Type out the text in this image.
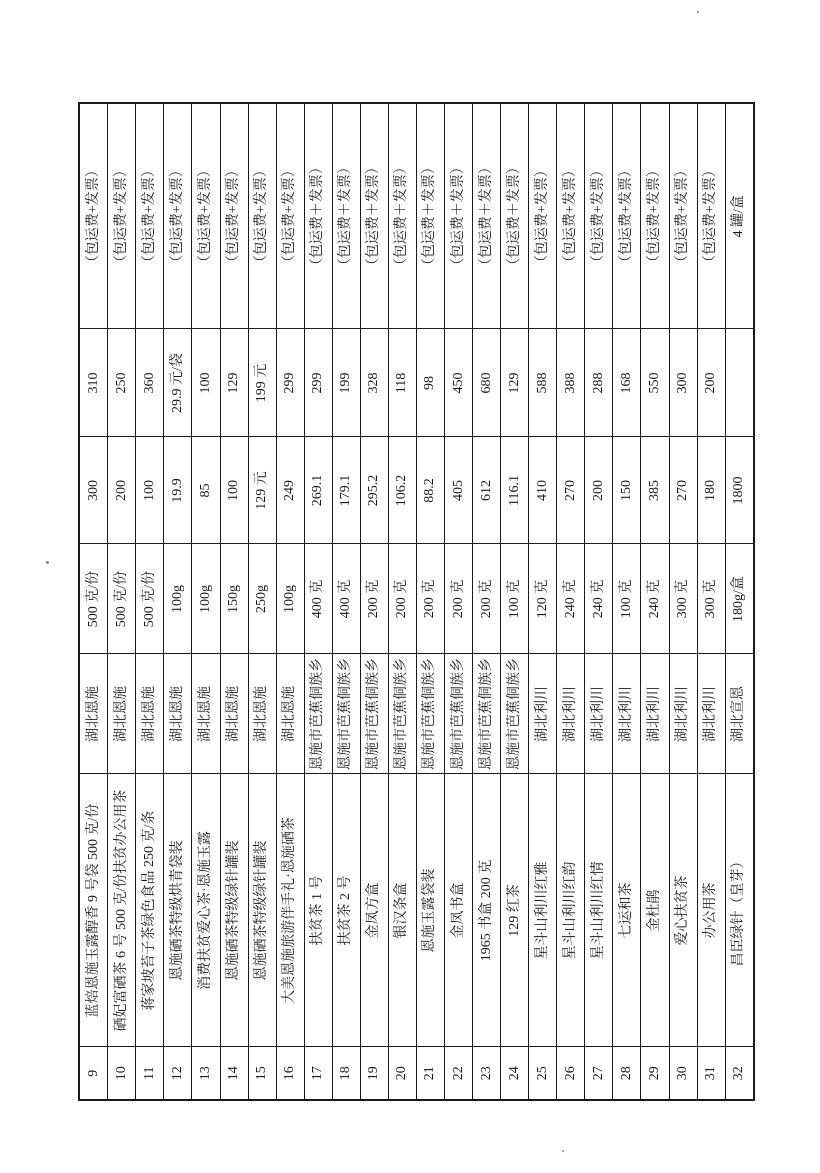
9	蓝焙恩施玉露醇香 9 号袋 500 克/份	湖北恩施	500 克/份	300	310	（包运费+发票）
10	硒妃富硒茶 6 号 500 克/份扶贫办公用茶	湖北恩施	500 克/份	200	250	（包运费+发票）
11	蒋家坡苔子茶绿色食品 250 克/条	湖北恩施	500 克/份	100	360	（包运费+发票）
12	恩施硒茶特级烘青袋装	湖北恩施	100g	19.9	29.9 元/袋	（包运费+发票）
13	消费扶贫爱心茶·恩施玉露	湖北恩施	100g	85	100	（包运费+发票）
14	恩施硒茶特级绿针罐装	湖北恩施	150g	100	129	（包运费+发票）
15	恩施硒茶特级绿针罐装	湖北恩施	250g	129 元	199 元	（包运费+发票）
16	大美恩施旅游伴手礼·恩施硒茶	湖北恩施	100g	249	299	（包运费+发票）
17	扶贫茶 1 号	恩施市芭蕉侗族乡	400 克	269.1	299	（包运费＋发票）
18	扶贫茶 2 号	恩施市芭蕉侗族乡	400 克	179.1	199	（包运费＋发票）
19	金凤方盒	恩施市芭蕉侗族乡	200 克	295.2	328	（包运费＋发票）
20	银汉条盒	恩施市芭蕉侗族乡	200 克	106.2	118	（包运费＋发票）
21	恩施玉露袋装	恩施市芭蕉侗族乡	200 克	88.2	98	（包运费＋发票）
22	金凤书盒	恩施市芭蕉侗族乡	200 克	405	450	（包运费＋发票）
23	1965 书盒 200 克	恩施市芭蕉侗族乡	200 克	612	680	（包运费＋发票）
24	129 红茶	恩施市芭蕉侗族乡	100 克	116.1	129	（包运费＋发票）
25	星斗山利川红雅	湖北利川	120 克	410	588	（包运费+发票）
26	星斗山利川红韵	湖北利川	240 克	270	388	（包运费+发票）
27	星斗山利川红情	湖北利川	240 克	200	288	（包运费+发票）
28	七运和茶	湖北利川	100 克	150	168	（包运费+发票）
29	金杜鹃	湖北利川	240 克	385	550	（包运费+发票）
30	爱心扶贫茶	湖北利川	300 克	270	300	（包运费+发票）
31	办公用茶	湖北利川	300 克	180	200	（包运费+发票）
32	昌臣绿针（皇芽）	湖北宣恩	180g/盒	1800		4 罐/盒
